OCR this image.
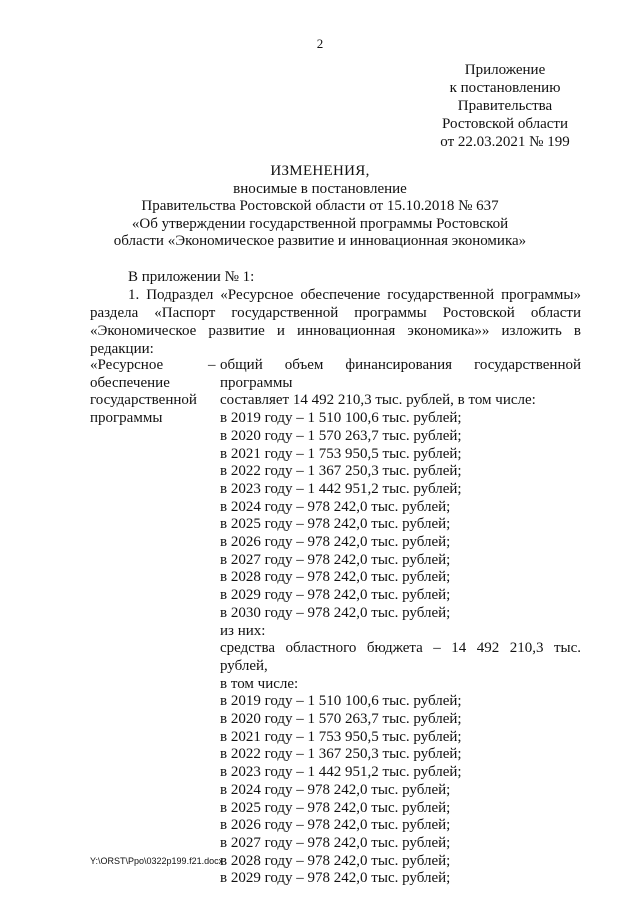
2
Приложение
к постановлению
Правительства
Ростовской области
от 22.03.2021 № 199
ИЗМЕНЕНИЯ,
вносимые в постановление
Правительства Ростовской области от 15.10.2018 № 637
«Об утверждении государственной программы Ростовской
области «Экономическое развитие и инновационная экономика»
В приложении № 1:
1. Подраздел «Ресурсное обеспечение государственной программы»
раздела «Паспорт государственной программы Ростовской области
«Экономическое развитие и инновационная экономика»» изложить в редакции:
«Ресурсное
обеспечение
государственной
программы
– общий объем финансирования государственной программы
составляет 14 492 210,3 тыс. рублей, в том числе:
в 2019 году – 1 510 100,6 тыс. рублей;
в 2020 году – 1 570 263,7 тыс. рублей;
в 2021 году – 1 753 950,5 тыс. рублей;
в 2022 году – 1 367 250,3 тыс. рублей;
в 2023 году – 1 442 951,2 тыс. рублей;
в 2024 году – 978 242,0 тыс. рублей;
в 2025 году – 978 242,0 тыс. рублей;
в 2026 году – 978 242,0 тыс. рублей;
в 2027 году – 978 242,0 тыс. рублей;
в 2028 году – 978 242,0 тыс. рублей;
в 2029 году – 978 242,0 тыс. рублей;
в 2030 году – 978 242,0 тыс. рублей;
из них:
средства областного бюджета – 14 492 210,3 тыс. рублей,
в том числе:
в 2019 году – 1 510 100,6 тыс. рублей;
в 2020 году – 1 570 263,7 тыс. рублей;
в 2021 году – 1 753 950,5 тыс. рублей;
в 2022 году – 1 367 250,3 тыс. рублей;
в 2023 году – 1 442 951,2 тыс. рублей;
в 2024 году – 978 242,0 тыс. рублей;
в 2025 году – 978 242,0 тыс. рублей;
в 2026 году – 978 242,0 тыс. рублей;
в 2027 году – 978 242,0 тыс. рублей;
в 2028 году – 978 242,0 тыс. рублей;
в 2029 году – 978 242,0 тыс. рублей;
Y:\ORST\Ppo\0322p199.f21.docx
